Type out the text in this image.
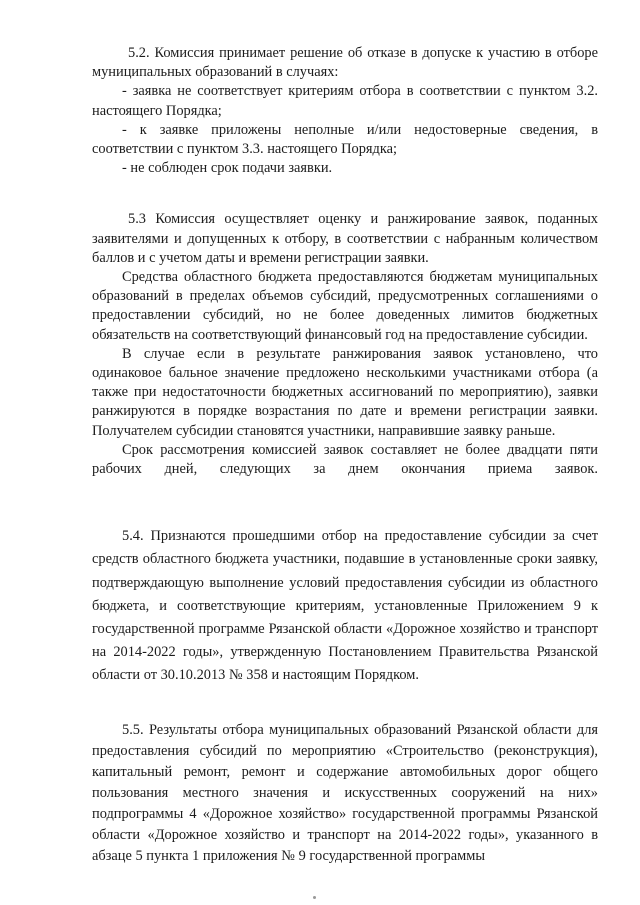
5.2. Комиссия принимает решение об отказе в допуске к участию в отборе муниципальных образований в случаях:

- заявка не соответствует критериям отбора в соответствии с пунктом 3.2. настоящего Порядка;

- к заявке приложены неполные и/или недостоверные сведения, в соответствии с пунктом 3.3. настоящего Порядка;

- не соблюден срок подачи заявки.

5.3 Комиссия осуществляет оценку и ранжирование заявок, поданных заявителями и допущенных к отбору, в соответствии с набранным количеством баллов и с учетом даты и времени регистрации заявки.

Средства областного бюджета предоставляются бюджетам муниципальных образований в пределах объемов субсидий, предусмотренных соглашениями о предоставлении субсидий, но не более доведенных лимитов бюджетных обязательств на соответствующий финансовый год на предоставление субсидии.

В случае если в результате ранжирования заявок установлено, что одинаковое бальное значение предложено несколькими участниками отбора (а также при недостаточности бюджетных ассигнований по мероприятию), заявки ранжируются в порядке возрастания по дате и времени регистрации заявки. Получателем субсидии становятся участники, направившие заявку раньше.

Срок рассмотрения комиссией заявок составляет не более двадцати пяти рабочих дней, следующих за днем окончания приема заявок.

5.4. Признаются прошедшими отбор на предоставление субсидии за счет средств областного бюджета участники, подавшие в установленные сроки заявку, подтверждающую выполнение условий предоставления субсидии из областного бюджета, и соответствующие критериям, установленные Приложением 9 к государственной программе Рязанской области «Дорожное хозяйство и транспорт на 2014-2022 годы», утвержденную Постановлением Правительства Рязанской области от 30.10.2013 № 358 и настоящим Порядком.

5.5. Результаты отбора муниципальных образований Рязанской области для предоставления субсидий по мероприятию «Строительство (реконструкция), капитальный ремонт, ремонт и содержание автомобильных дорог общего пользования местного значения и искусственных сооружений на них» подпрограммы 4 «Дорожное хозяйство» государственной программы Рязанской области «Дорожное хозяйство и транспорт на 2014-2022 годы», указанного в абзаце 5 пункта 1 приложения № 9 государственной программы
